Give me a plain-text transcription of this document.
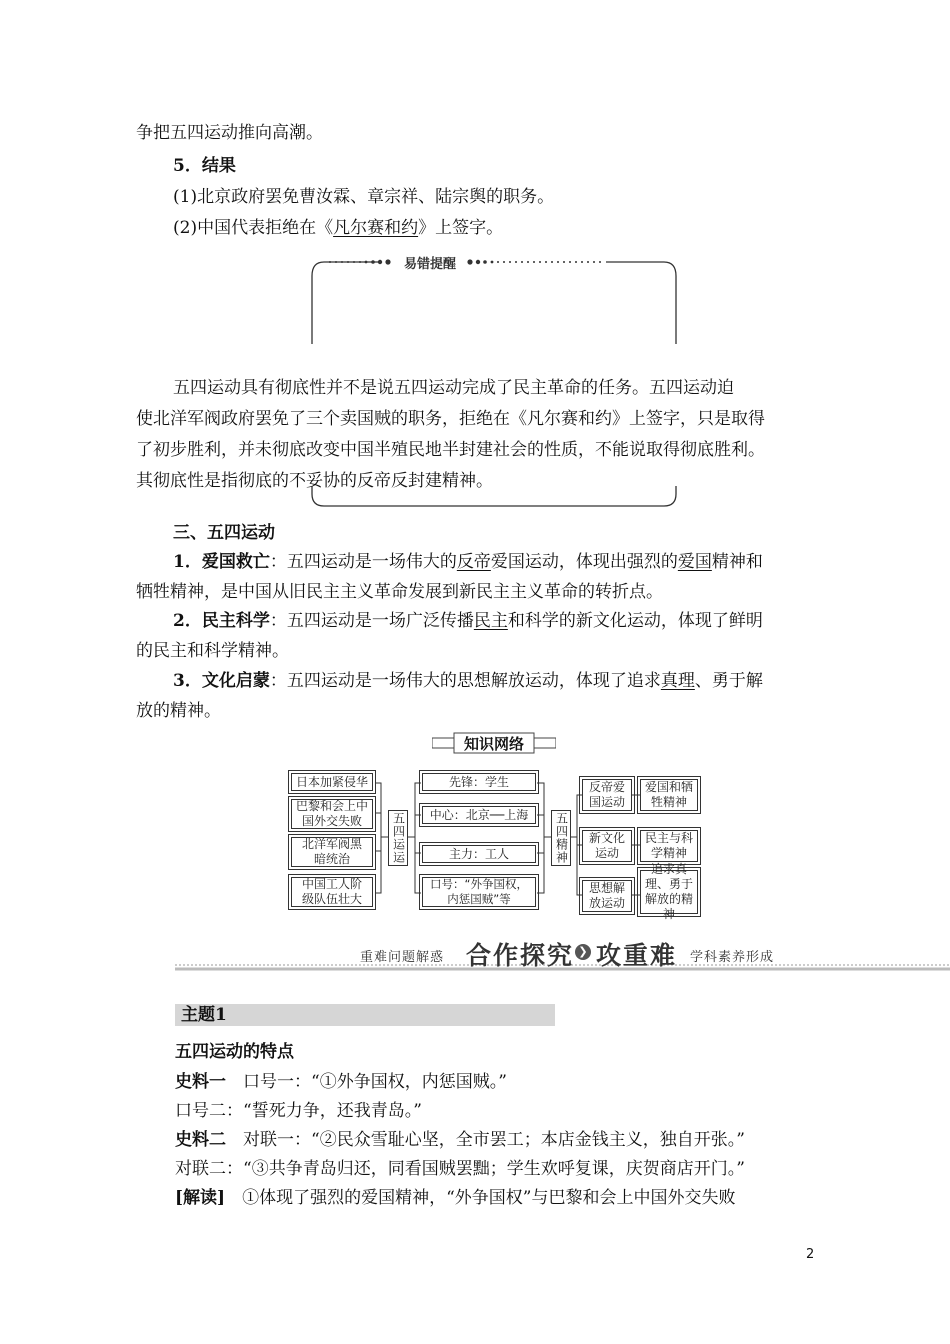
争把五四运动推向高潮。
5．结果
(1)北京政府罢免曹汝霖、章宗祥、陆宗舆的职务。
(2)中国代表拒绝在《凡尔赛和约》上签字。
易错提醒
五四运动具有彻底性并不是说五四运动完成了民主革命的任务。五四运动迫
使北洋军阀政府罢免了三个卖国贼的职务，拒绝在《凡尔赛和约》上签字，只是取得
了初步胜利，并未彻底改变中国半殖民地半封建社会的性质，不能说取得彻底胜利。
其彻底性是指彻底的不妥协的反帝反封建精神。
三、五四运动
1．爱国救亡：五四运动是一场伟大的反帝爱国运动，体现出强烈的爱国精神和
牺牲精神，是中国从旧民主主义革命发展到新民主主义革命的转折点。
2．民主科学：五四运动是一场广泛传播民主和科学的新文化运动，体现了鲜明
的民主和科学精神。
3．文化启蒙：五四运动是一场伟大的思想解放运动，体现了追求真理、勇于解
放的精神。
知识网络
日本加紧侵华
巴黎和会上中国外交失败
北洋军阀黑暗统治
中国工人阶级队伍壮大
五四运运
先锋：学生
中心：北京──上海
主力：工人
口号：“外争国权，内惩国贼”等
五四精神
反帝爱国运动
新文化运动
思想解放运动
爱国和牺牲精神
民主与科学精神
追求真理、勇于解放的精神
重难问题解惑 合作探究 ❯ 攻重难 学科素养形成
主题1
五四运动的特点
史料一　口号一：“①外争国权，内惩国贼。”
口号二：“誓死力争，还我青岛。”
史料二　对联一：“②民众雪耻心坚，全市罢工；本店金钱主义，独自开张。”
对联二：“③共争青岛归还，同看国贼罢黜；学生欢呼复课，庆贺商店开门。”
[解读]　①体现了强烈的爱国精神，“外争国权”与巴黎和会上中国外交失败
2
